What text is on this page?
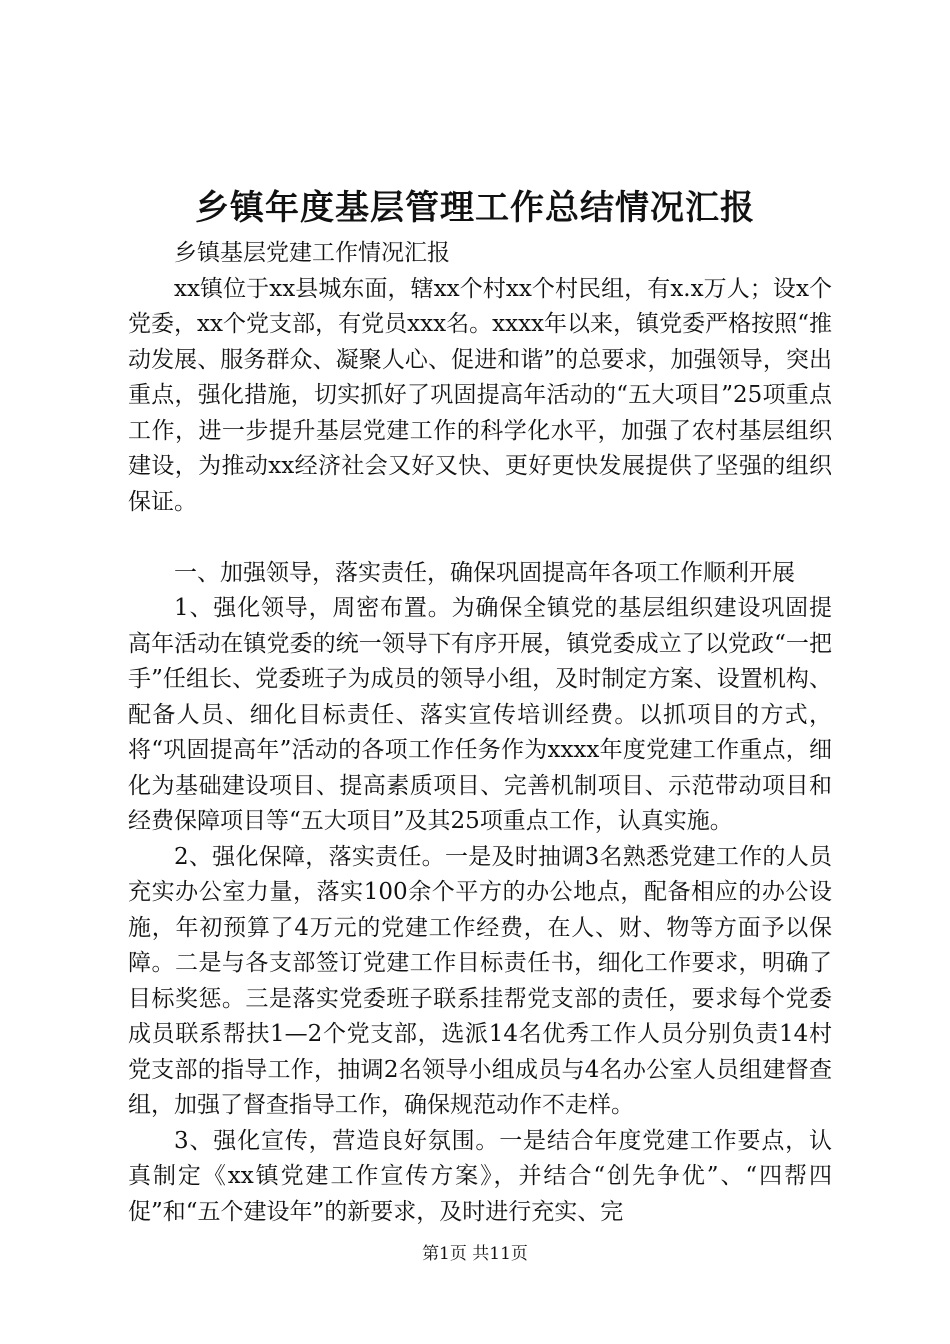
乡镇年度基层管理工作总结情况汇报

乡镇基层党建工作情况汇报

xx镇位于xx县城东面，辖xx个村xx个村民组，有x.x万人；设x个党委，xx个党支部，有党员xxx名。xxxx年以来，镇党委严格按照“推动发展、服务群众、凝聚人心、促进和谐”的总要求，加强领导，突出重点，强化措施，切实抓好了巩固提高年活动的“五大项目”25项重点工作，进一步提升基层党建工作的科学化水平，加强了农村基层组织建设，为推动xx经济社会又好又快、更好更快发展提供了坚强的组织保证。

一、加强领导，落实责任，确保巩固提高年各项工作顺利开展

1、强化领导，周密布置。为确保全镇党的基层组织建设巩固提高年活动在镇党委的统一领导下有序开展，镇党委成立了以党政“一把手”任组长、党委班子为成员的领导小组，及时制定方案、设置机构、配备人员、细化目标责任、落实宣传培训经费。以抓项目的方式，将“巩固提高年”活动的各项工作任务作为xxxx年度党建工作重点，细化为基础建设项目、提高素质项目、完善机制项目、示范带动项目和经费保障项目等“五大项目”及其25项重点工作，认真实施。

2、强化保障，落实责任。一是及时抽调3名熟悉党建工作的人员充实办公室力量，落实100余个平方的办公地点，配备相应的办公设施，年初预算了4万元的党建工作经费，在人、财、物等方面予以保障。二是与各支部签订党建工作目标责任书，细化工作要求，明确了目标奖惩。三是落实党委班子联系挂帮党支部的责任，要求每个党委成员联系帮扶1—2个党支部，选派14名优秀工作人员分别负责14村党支部的指导工作，抽调2名领导小组成员与4名办公室人员组建督查组，加强了督查指导工作，确保规范动作不走样。

3、强化宣传，营造良好氛围。一是结合年度党建工作要点，认真制定《xx镇党建工作宣传方案》，并结合“创先争优”、“四帮四促”和“五个建设年”的新要求，及时进行充实、完

第1页 共11页
